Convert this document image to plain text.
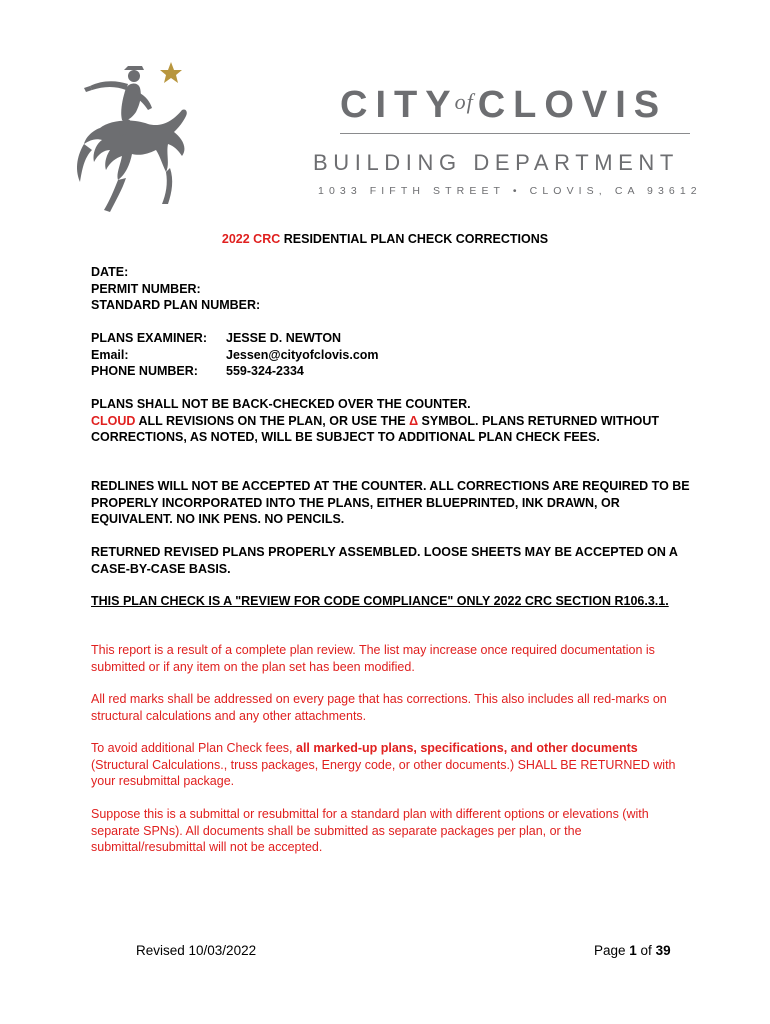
$CITY^{of}$ CLOVIS
BUILDING DEPARTMENT
1033 FIFTH STREET • CLOVIS, CA 93612
2022 CRC RESIDENTIAL PLAN CHECK CORRECTIONS
DATE:
PERMIT NUMBER:
STANDARD PLAN NUMBER:
PLANS EXAMINER:	JESSE D. NEWTON
Email:	Jessen@cityofclovis.com
PHONE NUMBER:	559-324-2334
PLANS SHALL NOT BE BACK-CHECKED OVER THE COUNTER.
CLOUD ALL REVISIONS ON THE PLAN, OR USE THE Δ SYMBOL. PLANS RETURNED WITHOUT CORRECTIONS, AS NOTED, WILL BE SUBJECT TO ADDITIONAL PLAN CHECK FEES.
REDLINES WILL NOT BE ACCEPTED AT THE COUNTER. ALL CORRECTIONS ARE REQUIRED TO BE PROPERLY INCORPORATED INTO THE PLANS, EITHER BLUEPRINTED, INK DRAWN, OR EQUIVALENT. NO INK PENS. NO PENCILS.
RETURNED REVISED PLANS PROPERLY ASSEMBLED. LOOSE SHEETS MAY BE ACCEPTED ON A CASE-BY-CASE BASIS.
THIS PLAN CHECK IS A "REVIEW FOR CODE COMPLIANCE" ONLY 2022 CRC SECTION R106.3.1.
This report is a result of a complete plan review. The list may increase once required documentation is submitted or if any item on the plan set has been modified.
All red marks shall be addressed on every page that has corrections. This also includes all red-marks on structural calculations and any other attachments.
To avoid additional Plan Check fees, all marked-up plans, specifications, and other documents (Structural Calculations., truss packages, Energy code, or other documents.) SHALL BE RETURNED with your resubmittal package.
Suppose this is a submittal or resubmittal for a standard plan with different options or elevations (with separate SPNs). All documents shall be submitted as separate packages per plan, or the submittal/resubmittal will not be accepted.
Revised 10/03/2022	Page 1 of 39
